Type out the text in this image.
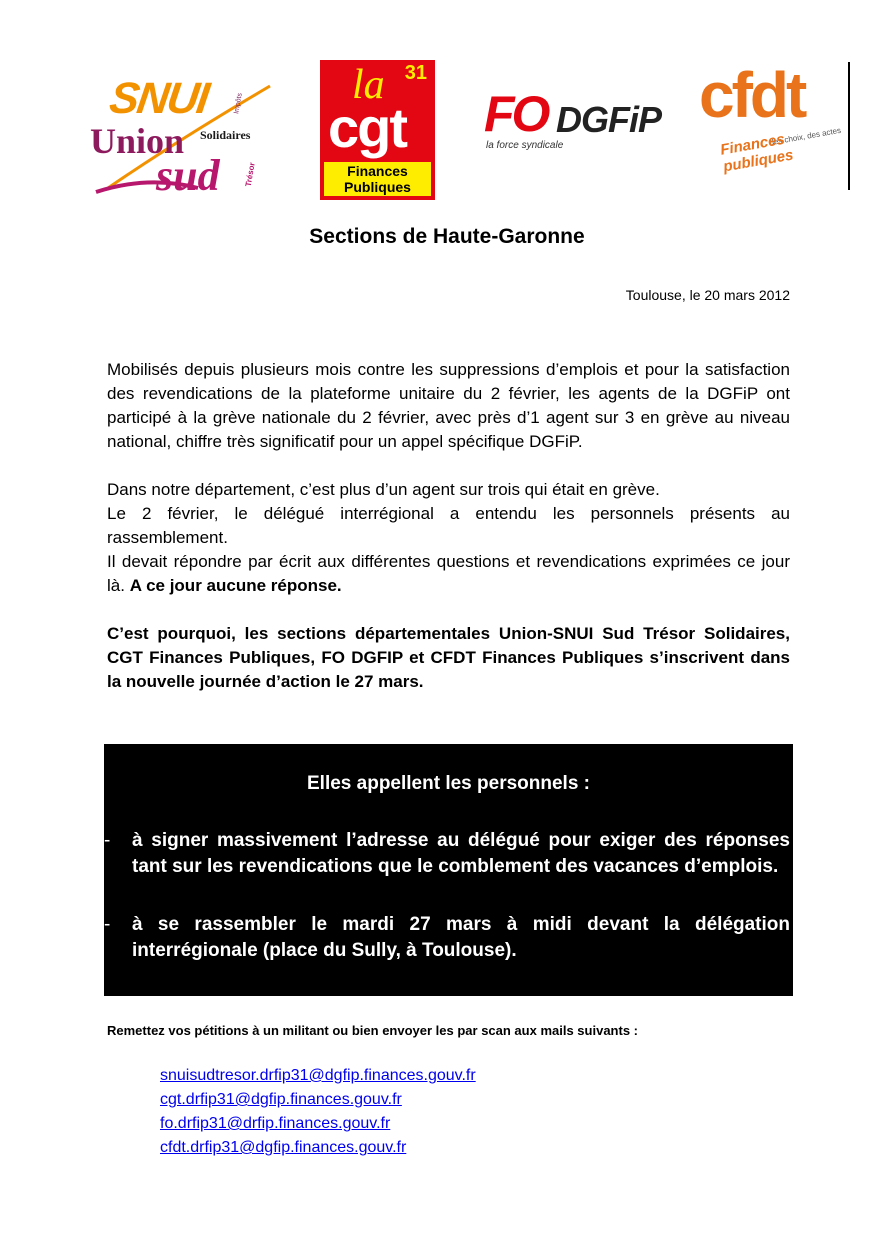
SNUI	Impôts
Union Solidaires
sud	Trésor
la 31
cgt
Finances
Publiques
FO
la force syndicale
DGFiP cfdt
des choix, des actes
Finances publiques
Sections de Haute-Garonne
Toulouse, le 20 mars 2012

Mobilisés depuis plusieurs mois contre les suppressions d’emplois et pour la satisfaction des revendications de la plateforme unitaire du 2 février, les agents de la DGFiP ont participé à la grève nationale du 2 février, avec près d’1 agent sur 3 en grève au niveau national, chiffre très significatif pour un appel spécifique DGFiP.

Dans notre département, c’est plus d’un agent sur trois qui était en grève.
Le 2 février, le délégué interrégional a entendu les personnels présents au rassemblement.
Il devait répondre par écrit aux différentes questions et revendications exprimées ce jour là. A ce jour aucune réponse.

C’est pourquoi, les sections départementales Union-SNUI Sud Trésor Solidaires, CGT Finances Publiques, FO DGFIP et CFDT Finances Publiques s’inscrivent dans la nouvelle journée d’action le 27 mars.

Elles appellent les personnels :
- à signer massivement l’adresse au délégué pour exiger des réponses tant sur les revendications que le comblement des vacances d’emplois.
- à se rassembler le mardi 27 mars à midi devant la délégation interrégionale (place du Sully, à Toulouse).
Remettez vos pétitions à un militant ou bien envoyer les par scan aux mails suivants :
snuisudtresor.drfip31@dgfip.finances.gouv.fr
cgt.drfip31@dgfip.finances.gouv.fr
fo.drfip31@drfip.finances.gouv.fr
cfdt.drfip31@dgfip.finances.gouv.fr
